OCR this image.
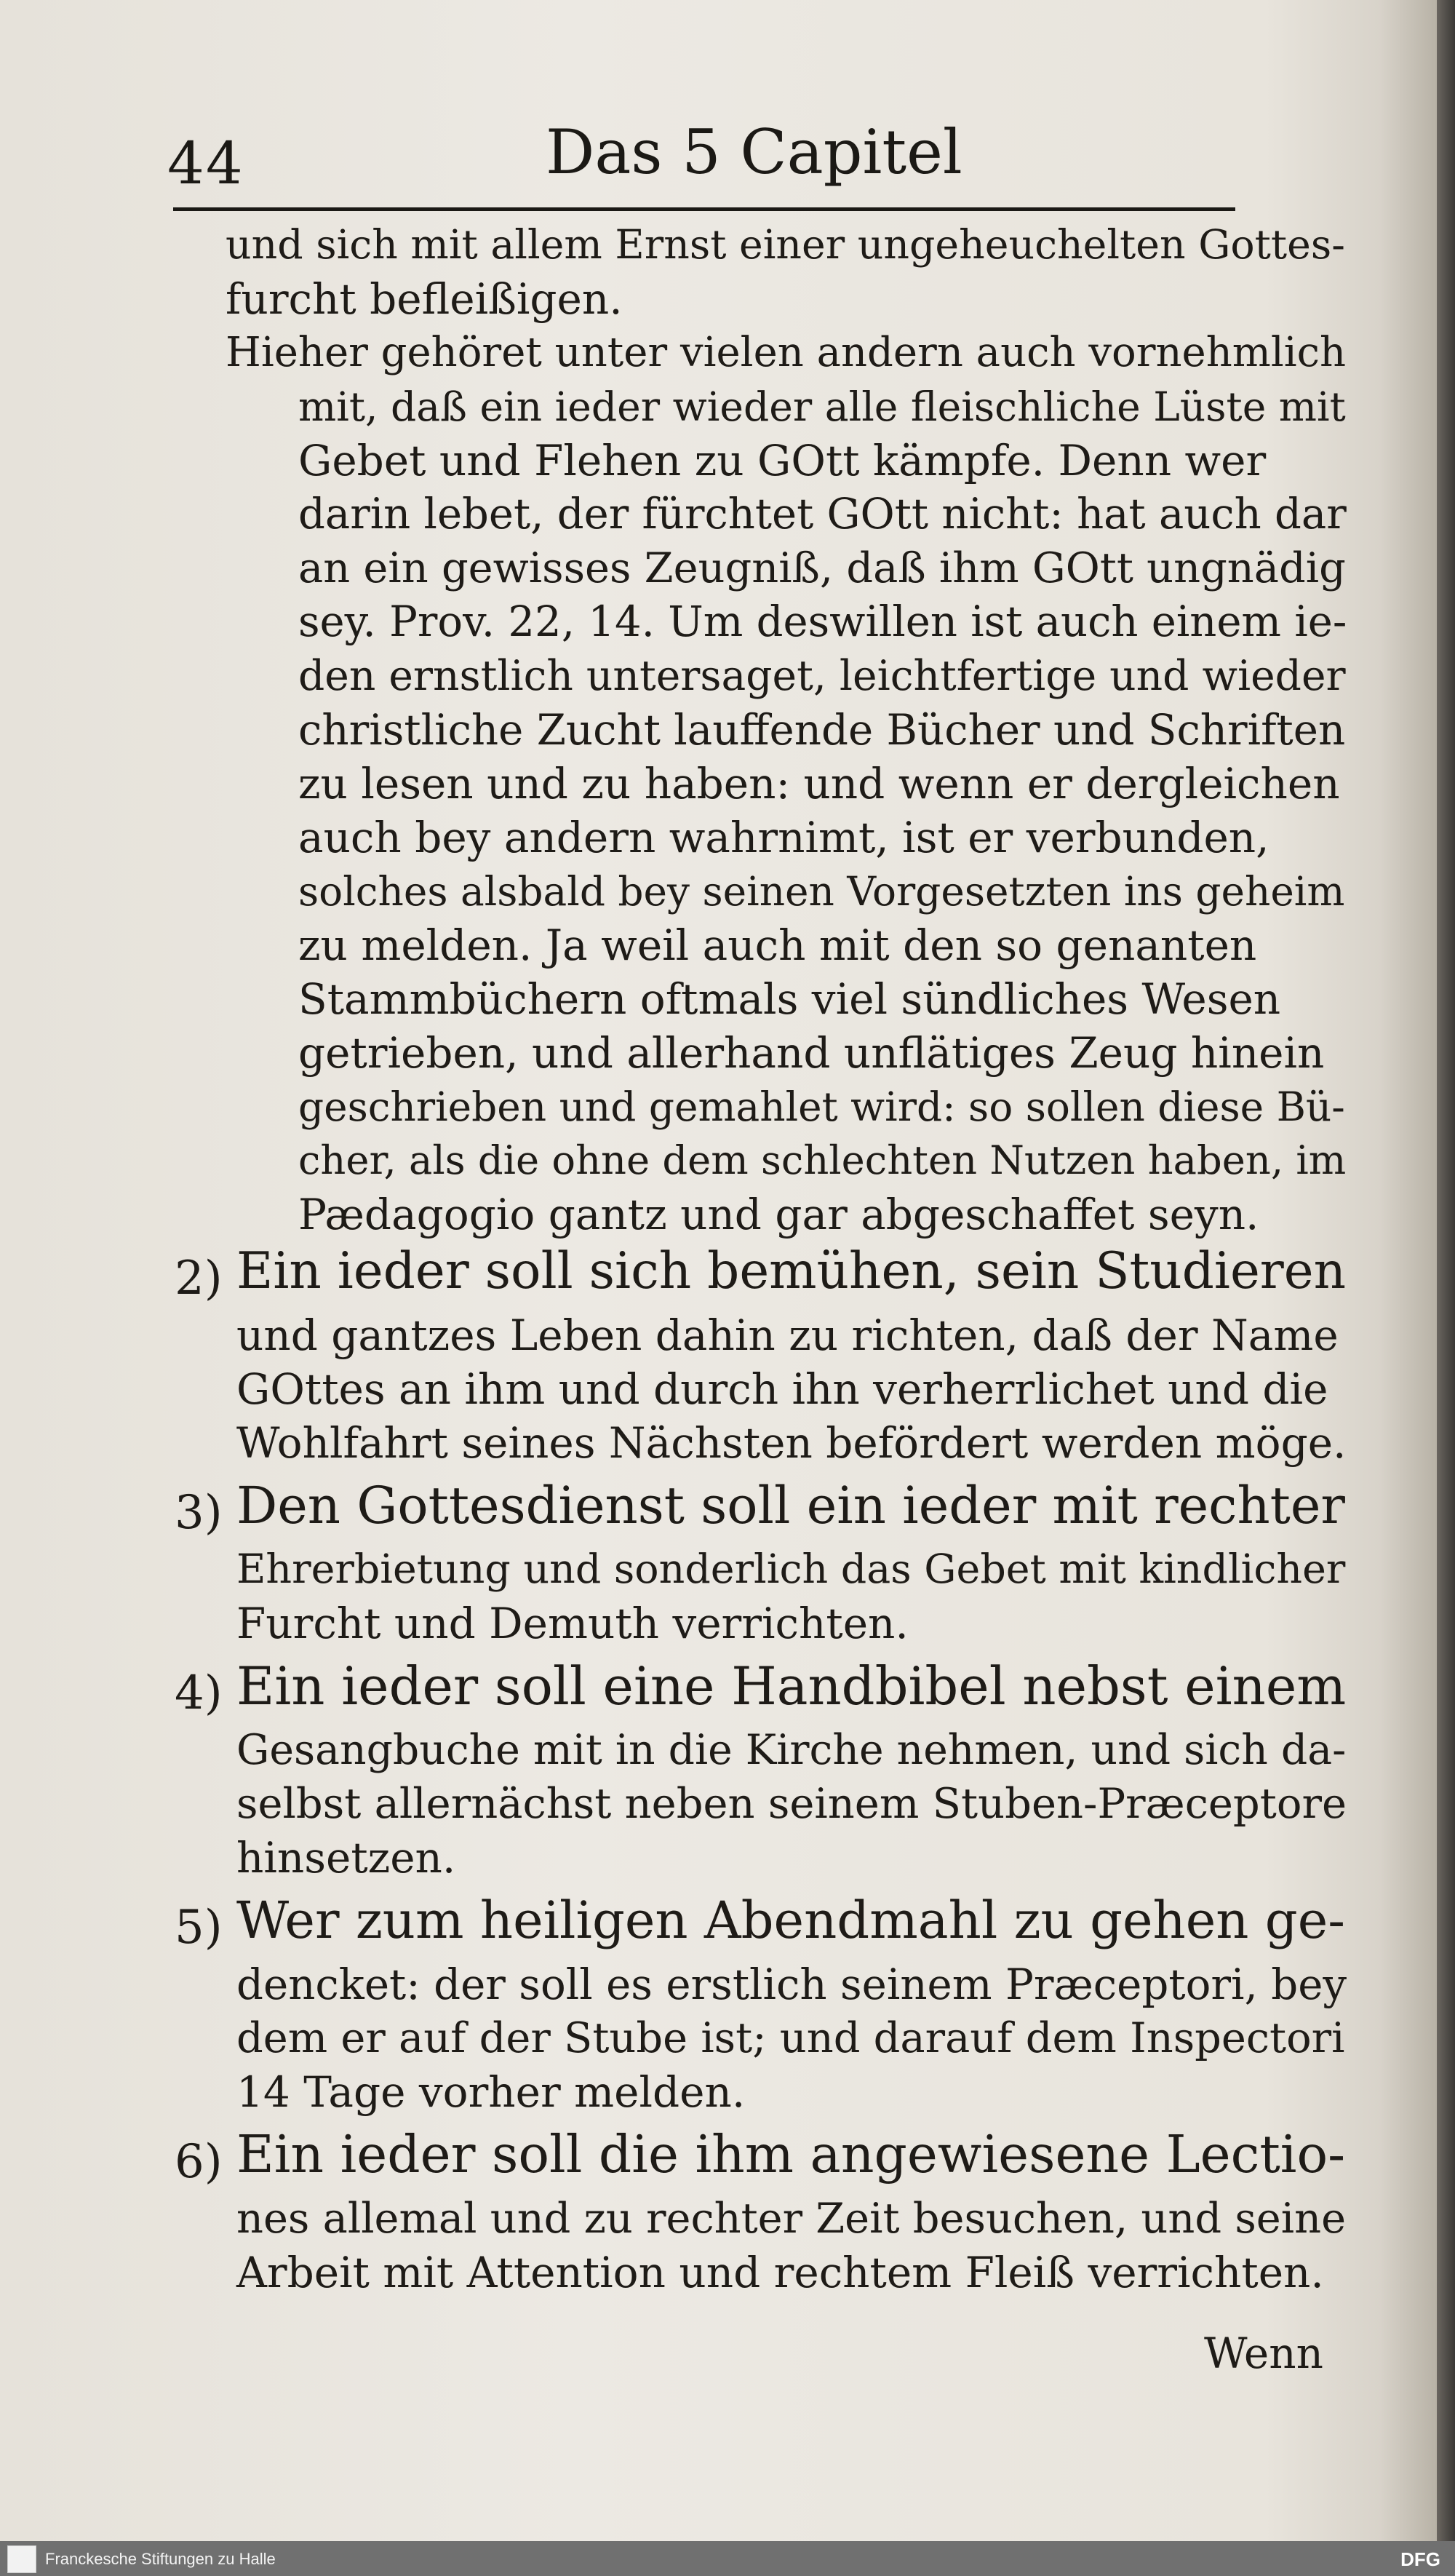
44	Das 5 Capitel
und sich mit allem Ernst einer ungeheuchelten Gottes-
furcht befleißigen.
Hieher gehöret unter vielen andern auch vornehmlich
mit, daß ein ieder wieder alle fleischliche Lüste mit
Gebet und Flehen zu GOtt kämpfe. Denn wer
darin lebet, der fürchtet GOtt nicht: hat auch dar
an ein gewisses Zeugniß, daß ihm GOtt ungnädig
sey. Prov. 22, 14. Um deswillen ist auch einem ie-
den ernstlich untersaget, leichtfertige und wieder
christliche Zucht lauffende Bücher und Schriften
zu lesen und zu haben: und wenn er dergleichen
auch bey andern wahrnimt, ist er verbunden,
solches alsbald bey seinen Vorgesetzten ins geheim
zu melden. Ja weil auch mit den so genanten
Stammbüchern oftmals viel sündliches Wesen
getrieben, und allerhand unflätiges Zeug hinein
geschrieben und gemahlet wird: so sollen diese Bü-
cher, als die ohne dem schlechten Nutzen haben, im
Pædagogio gantz und gar abgeschaffet seyn.
2) Ein ieder soll sich bemühen, sein Studieren
und gantzes Leben dahin zu richten, daß der Name
GOttes an ihm und durch ihn verherrlichet und die
Wohlfahrt seines Nächsten befördert werden möge.
3) Den Gottesdienst soll ein ieder mit rechter
Ehrerbietung und sonderlich das Gebet mit kindlicher
Furcht und Demuth verrichten.
4) Ein ieder soll eine Handbibel nebst einem
Gesangbuche mit in die Kirche nehmen, und sich da-
selbst allernächst neben seinem Stuben-Præceptore
hinsetzen.
5) Wer zum heiligen Abendmahl zu gehen ge-
dencket: der soll es erstlich seinem Præceptori, bey
dem er auf der Stube ist; und darauf dem Inspectori
14 Tage vorher melden.
6) Ein ieder soll die ihm angewiesene Lectio-
nes allemal und zu rechter Zeit besuchen, und seine
Arbeit mit Attention und rechtem Fleiß verrichten.
Wenn
Franckesche Stiftungen zu Halle	DFG
